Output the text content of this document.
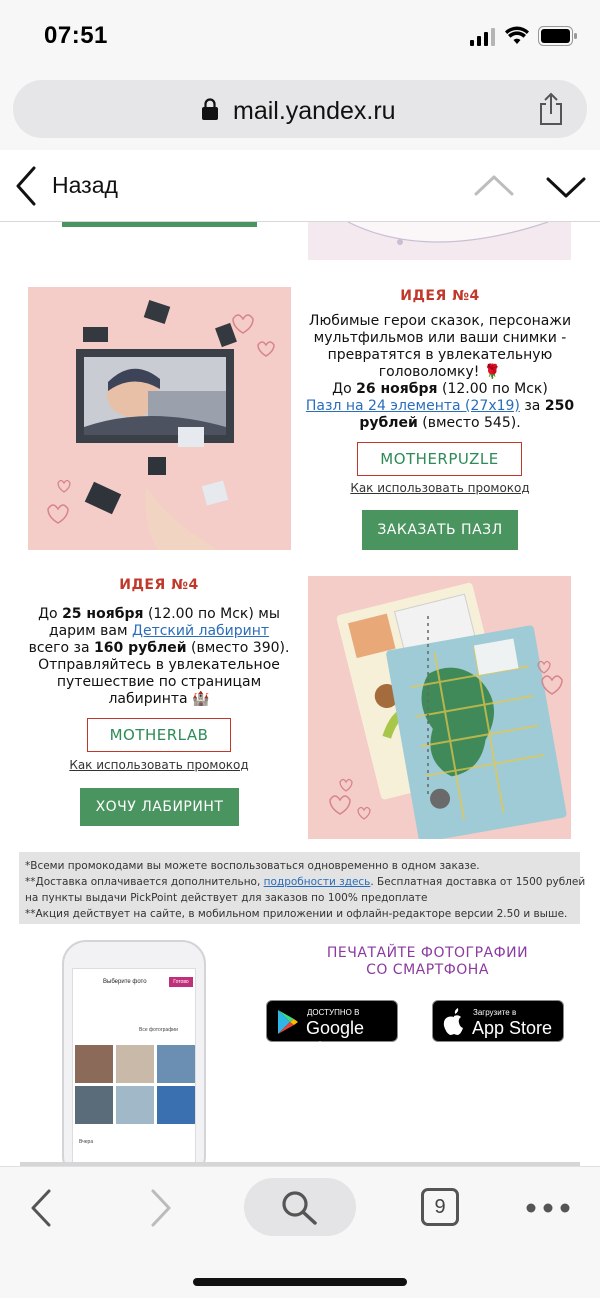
07:51
mail.yandex.ru
Назад
ИДЕЯ №4
Любимые герои сказок, персонажи
мультфильмов или ваши снимки -
превратятся в увлекательную
головоломку! 🌹
До 26 ноября (12.00 по Мск)
Пазл на 24 элемента (27х19) за 250
рублей (вместо 545).
MOTHERPUZLE
Как использовать промокод
ЗАКАЗАТЬ ПАЗЛ
ИДЕЯ №4
До 25 ноября (12.00 по Мск) мы
дарим вам Детский лабиринт
всего за 160 рублей (вместо 390).
Отправляйтесь в увлекательное
путешествие по страницам
лабиринта 🏰
MOTHERLAB
Как использовать промокод
ХОЧУ ЛАБИРИНТ

*Всеми промокодами вы можете воспользоваться одновременно в одном заказе.

**Доставка оплачивается дополнительно, подробности здесь. Бесплатная доставка от 1500 рублей

на пункты выдачи PickPoint действует для заказов по 100% предоплате

**Акция действует на сайте, в мобильном приложении и офлайн-редакторе версии 2.50 и выше.

Выберите фото	Готово
Все фотографии
Вчера
ПЕЧАТАЙТЕ ФОТОГРАФИИ
СО СМАРТФОНА
ДОСТУПНО В
Google Play
Загрузите в
App Store
9
